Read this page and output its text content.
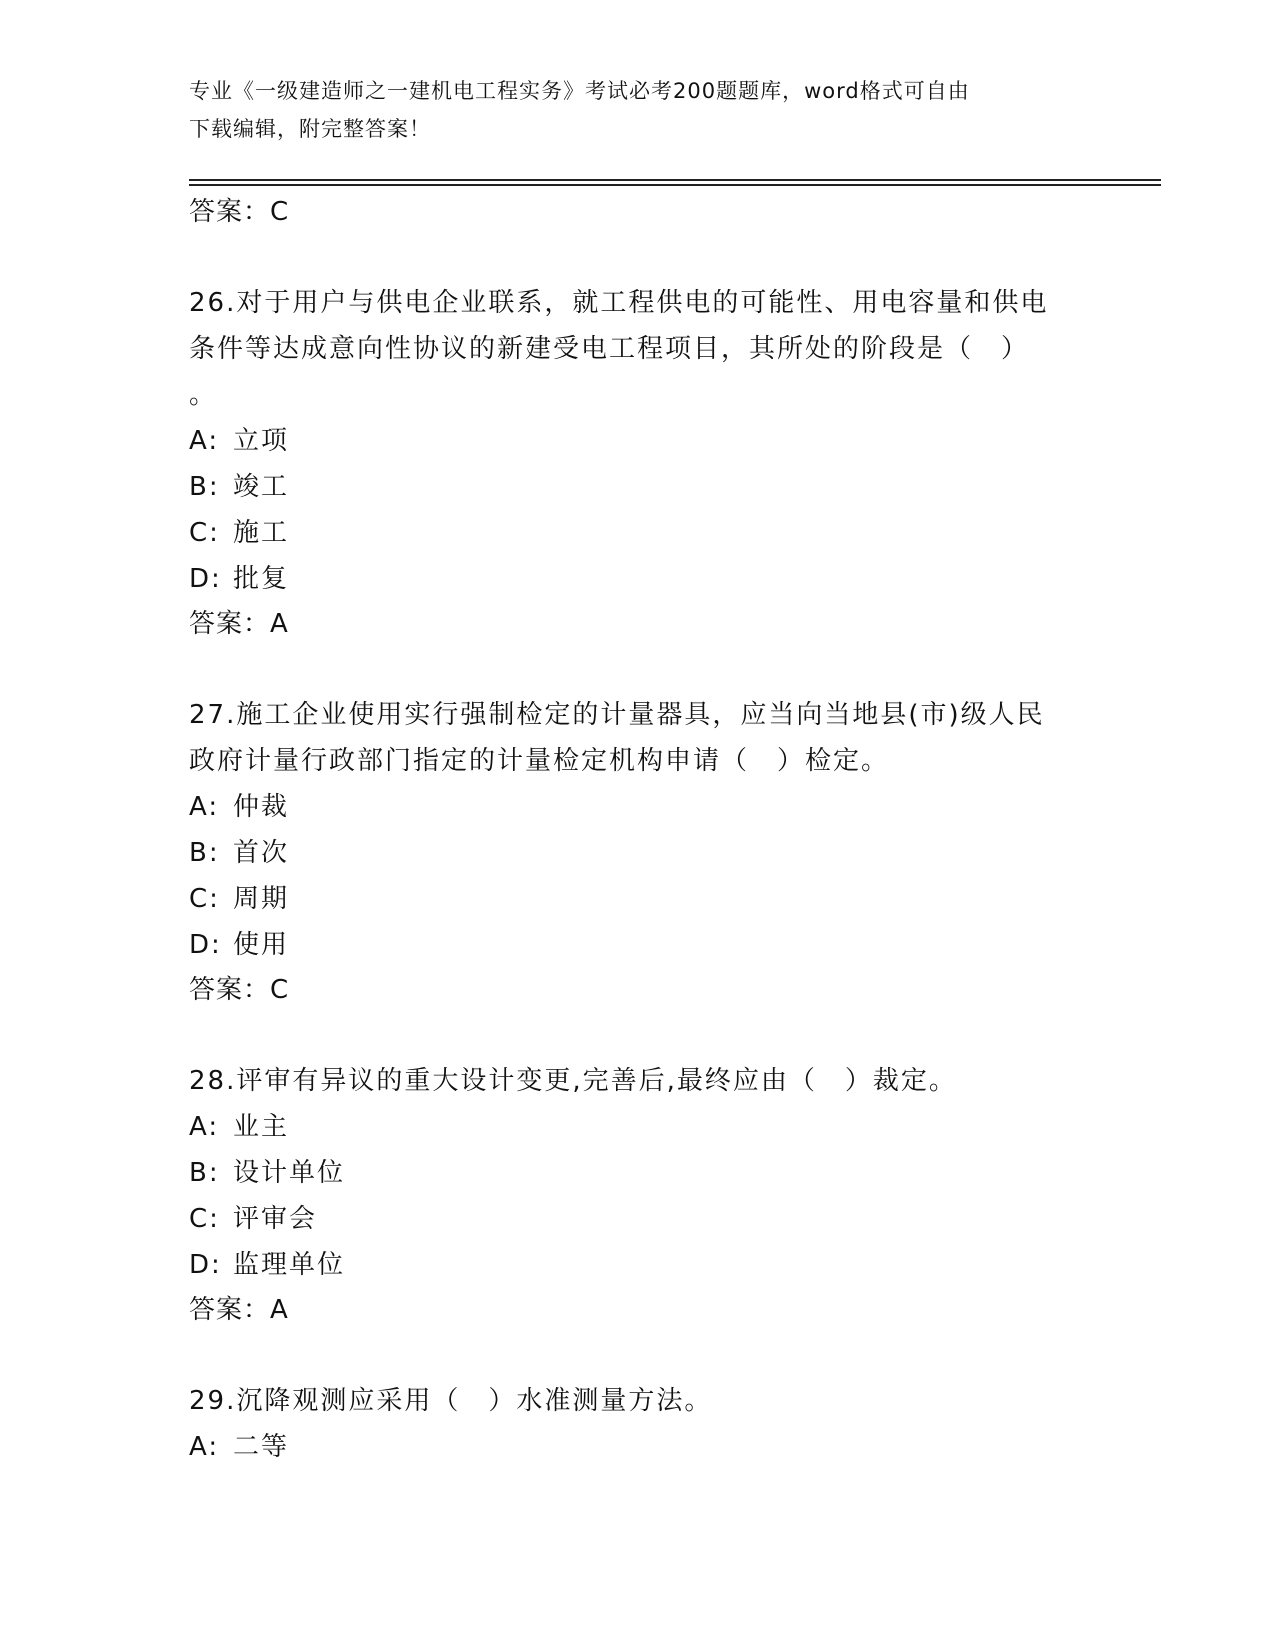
专业《一级建造师之一建机电工程实务》考试必考200题题库，word格式可自由
下载编辑，附完整答案！
答案：C
26.对于用户与供电企业联系，就工程供电的可能性、用电容量和供电
条件等达成意向性协议的新建受电工程项目，其所处的阶段是（　）
。
A: 立项
B: 竣工
C: 施工
D: 批复
答案：A
27.施工企业使用实行强制检定的计量器具，应当向当地县(市)级人民
政府计量行政部门指定的计量检定机构申请（　）检定。
A: 仲裁
B: 首次
C: 周期
D: 使用
答案：C
28.评审有异议的重大设计变更,完善后,最终应由（　）裁定。
A: 业主
B: 设计单位
C: 评审会
D: 监理单位
答案：A
29.沉降观测应采用（　）水准测量方法。
A: 二等
